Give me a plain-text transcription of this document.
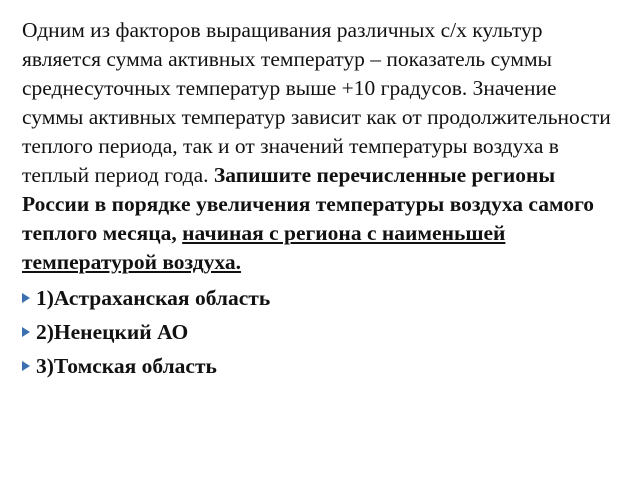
Одним из факторов выращивания различных с/х культур является сумма активных температур – показатель суммы среднесуточных температур выше +10 градусов. Значение суммы активных температур зависит как от продолжительности теплого периода, так и от значений температуры воздуха в теплый период года. Запишите перечисленные регионы России в порядке увеличения температуры воздуха самого теплого месяца, начиная с региона с наименьшей температурой воздуха.
1)Астраханская область
2)Ненецкий АО
3)Томская область
